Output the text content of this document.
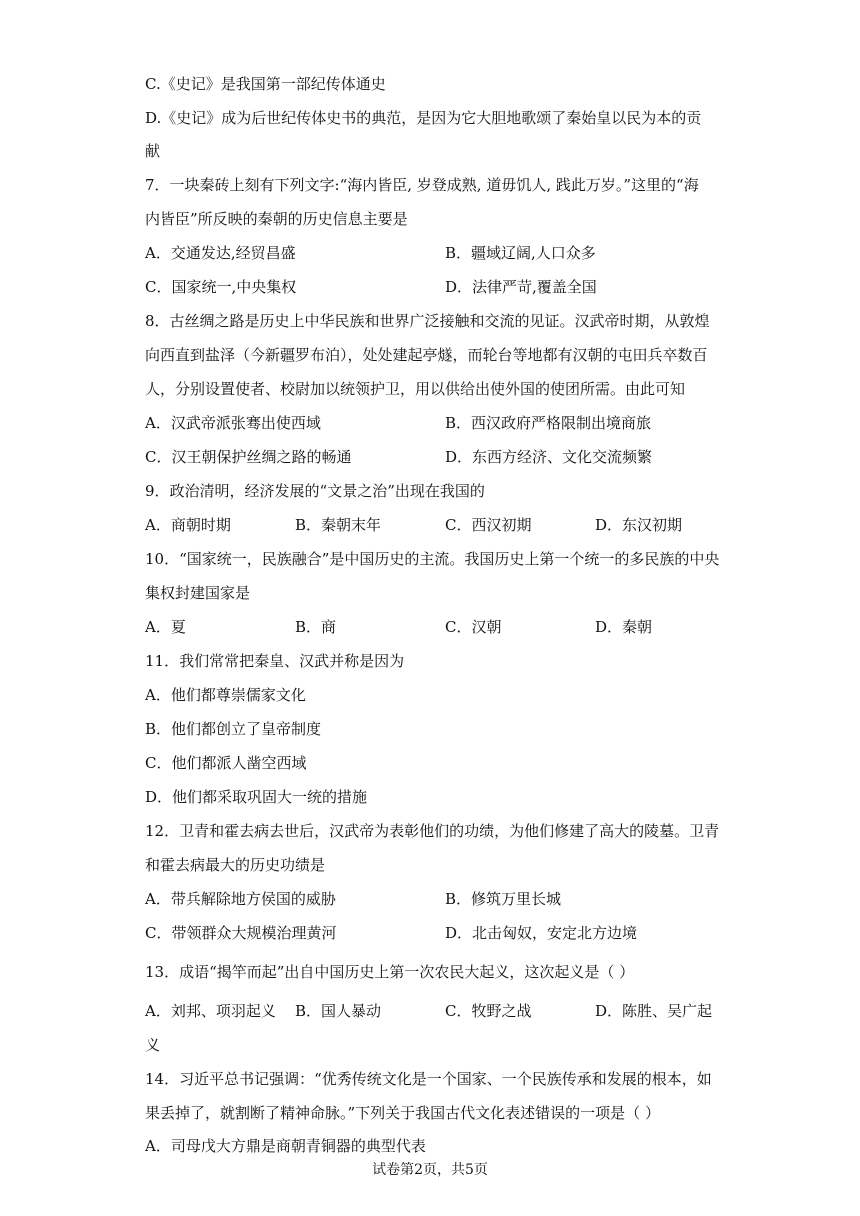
C.《史记》是我国第一部纪传体通史
D.《史记》成为后世纪传体史书的典范，是因为它大胆地歌颂了秦始皇以民为本的贡
献
7．一块秦砖上刻有下列文字:“海内皆臣, 岁登成熟, 道毋饥人, 践此万岁。”这里的“海
内皆臣”所反映的秦朝的历史信息主要是
A．交通发达,经贸昌盛	B．疆域辽阔,人口众多
C．国家统一,中央集权	D．法律严苛,覆盖全国
8．古丝绸之路是历史上中华民族和世界广泛接触和交流的见证。汉武帝时期，从敦煌
向西直到盐泽（今新疆罗布泊），处处建起亭燧，而轮台等地都有汉朝的屯田兵卒数百
人，分别设置使者、校尉加以统领护卫，用以供给出使外国的使团所需。由此可知
A．汉武帝派张骞出使西域	B．西汉政府严格限制出境商旅
C．汉王朝保护丝绸之路的畅通	D．东西方经济、文化交流频繁
9．政治清明，经济发展的“文景之治”出现在我国的
A．商朝时期	B．秦朝末年	C．西汉初期	D．东汉初期
10．“国家统一，民族融合”是中国历史的主流。我国历史上第一个统一的多民族的中央
集权封建国家是
A．夏	B．商	C．汉朝	D．秦朝
11．我们常常把秦皇、汉武并称是因为
A．他们都尊崇儒家文化
B．他们都创立了皇帝制度
C．他们都派人凿空西域
D．他们都采取巩固大一统的措施
12．卫青和霍去病去世后，汉武帝为表彰他们的功绩，为他们修建了高大的陵墓。卫青
和霍去病最大的历史功绩是
A．带兵解除地方侯国的威胁	B．修筑万里长城
C．带领群众大规模治理黄河	D．北击匈奴，安定北方边境
13．成语“揭竿而起”出自中国历史上第一次农民大起义，这次起义是（ ）
A．刘邦、项羽起义 B．国人暴动	C．牧野之战	D．陈胜、吴广起
义
14．习近平总书记强调：“优秀传统文化是一个国家、一个民族传承和发展的根本，如
果丢掉了，就割断了精神命脉。”下列关于我国古代文化表述错误的一项是（ ）
A．司母戊大方鼎是商朝青铜器的典型代表
试卷第2页，共5页
